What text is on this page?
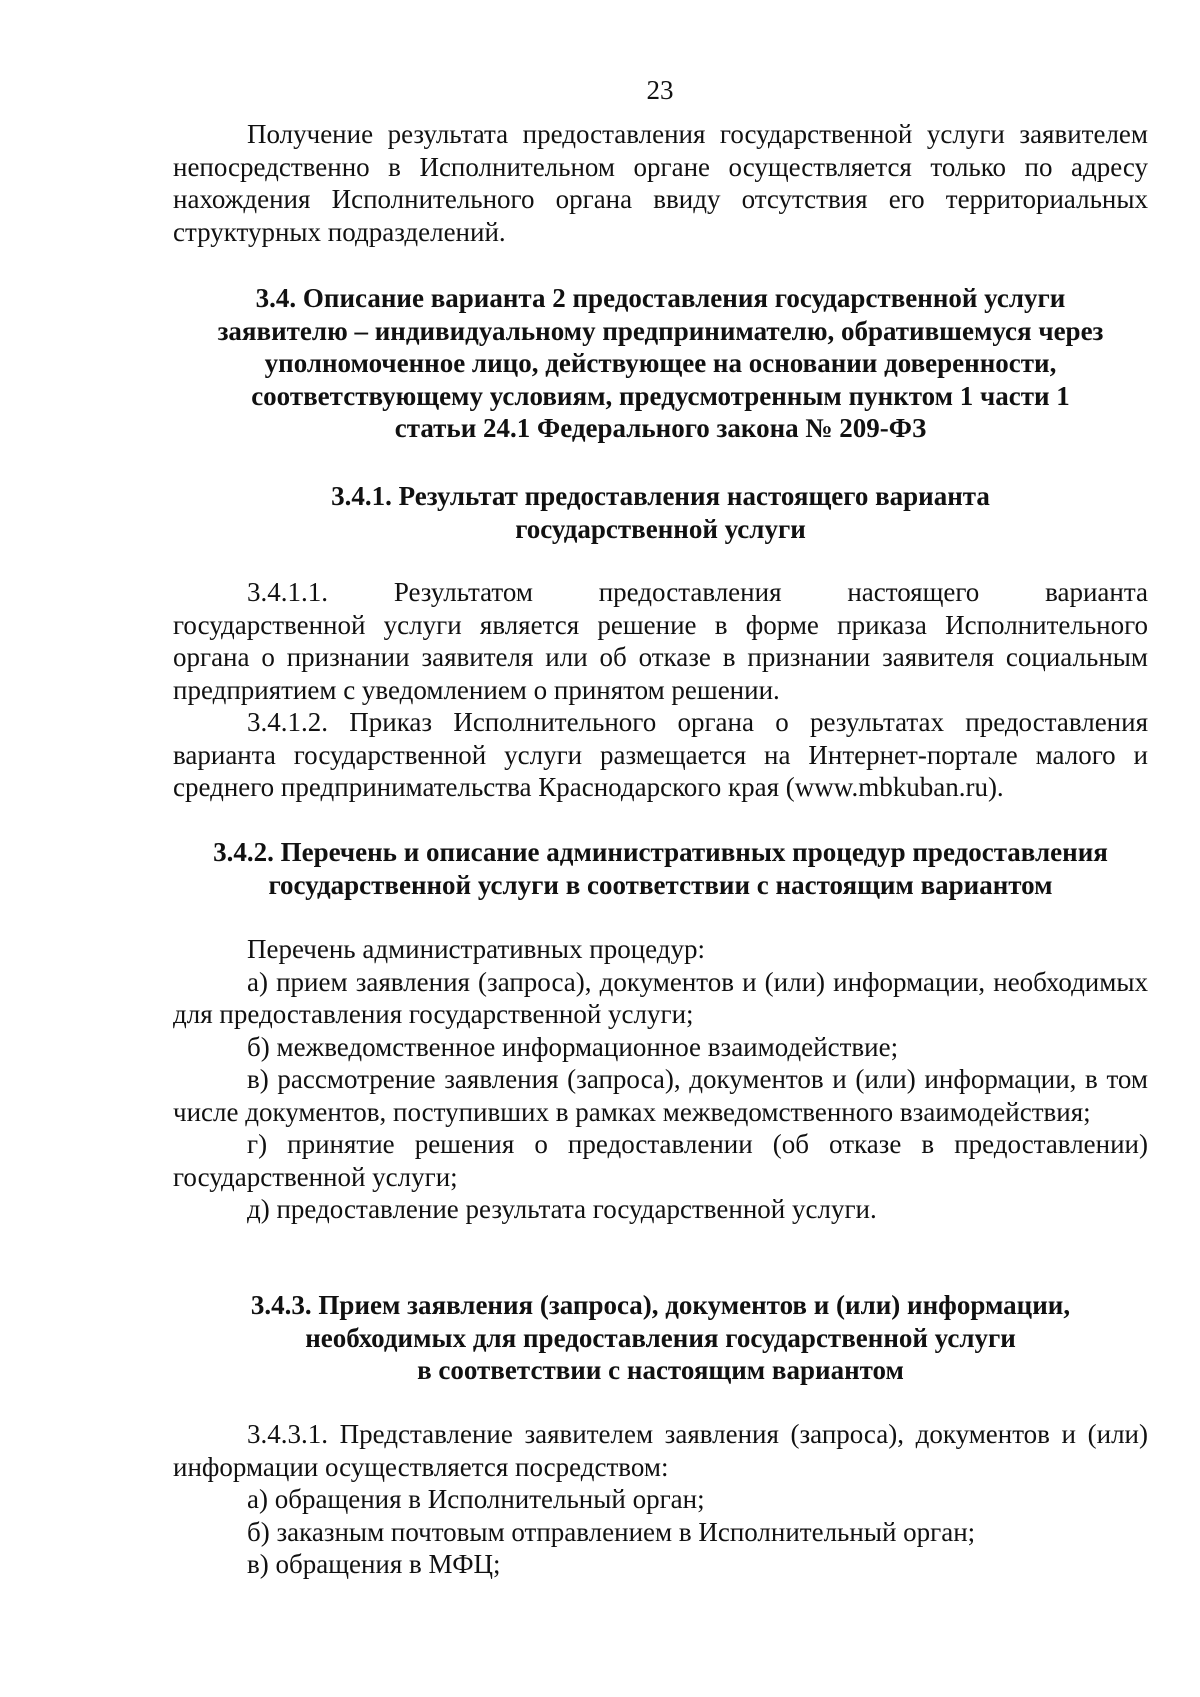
23

Получение результата предоставления государственной услуги заявителем непосредственно в Исполнительном органе осуществляется только по адресу нахождения Исполнительного органа ввиду отсутствия его территориальных структурных подразделений.

3.4. Описание варианта 2 предоставления государственной услуги
заявителю – индивидуальному предпринимателю, обратившемуся через
уполномоченное лицо, действующее на основании доверенности,
соответствующему условиям, предусмотренным пунктом 1 части 1
статьи 24.1 Федерального закона № 209-ФЗ
3.4.1. Результат предоставления настоящего варианта
государственной услуги
3.4.1.1. Результатом предоставления настоящего варианта

государственной услуги является решение в форме приказа Исполнительного органа о признании заявителя или об отказе в признании заявителя социальным предприятием с уведомлением о принятом решении.

3.4.1.2. Приказ Исполнительного органа о результатах предоставления варианта государственной услуги размещается на Интернет-портале малого и среднего предпринимательства Краснодарского края (www.mbkuban.ru).

3.4.2. Перечень и описание административных процедур предоставления
государственной услуги в соответствии с настоящим вариантом

Перечень административных процедур:

а) прием заявления (запроса), документов и (или) информации, необходимых для предоставления государственной услуги;

б) межведомственное информационное взаимодействие;

в) рассмотрение заявления (запроса), документов и (или) информации, в том числе документов, поступивших в рамках межведомственного взаимодействия;

г) принятие решения о предоставлении (об отказе в предоставлении) государственной услуги;

д) предоставление результата государственной услуги.

3.4.3. Прием заявления (запроса), документов и (или) информации,
необходимых для предоставления государственной услуги
в соответствии с настоящим вариантом

3.4.3.1. Представление заявителем заявления (запроса), документов и (или) информации осуществляется посредством:

а) обращения в Исполнительный орган;

б) заказным почтовым отправлением в Исполнительный орган;

в) обращения в МФЦ;
